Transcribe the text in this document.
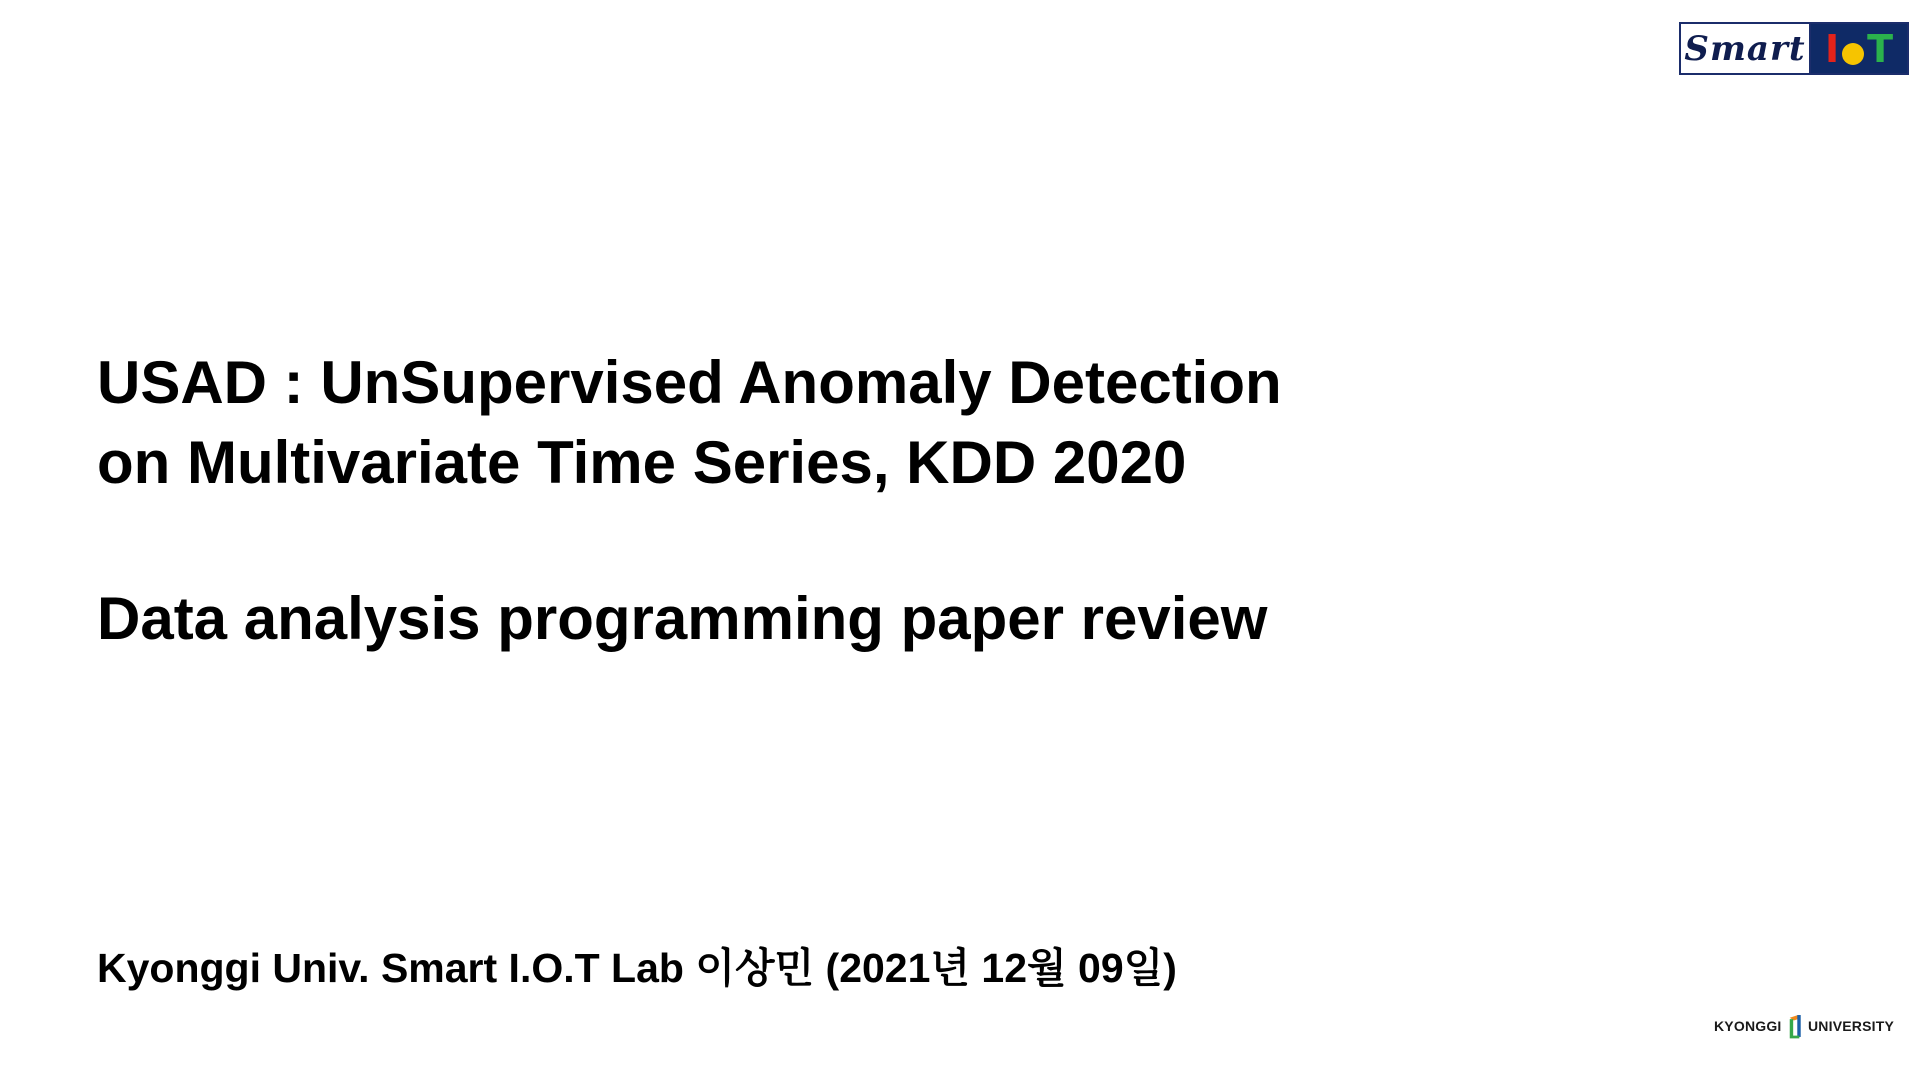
Smart I T
USAD : UnSupervised Anomaly Detection
on Multivariate Time Series, KDD 2020
Data analysis programming paper review

Kyonggi Univ. Smart I.O.T Lab 이상민 (2021년 12월 09일)

KYONGGI UNIVERSITY
